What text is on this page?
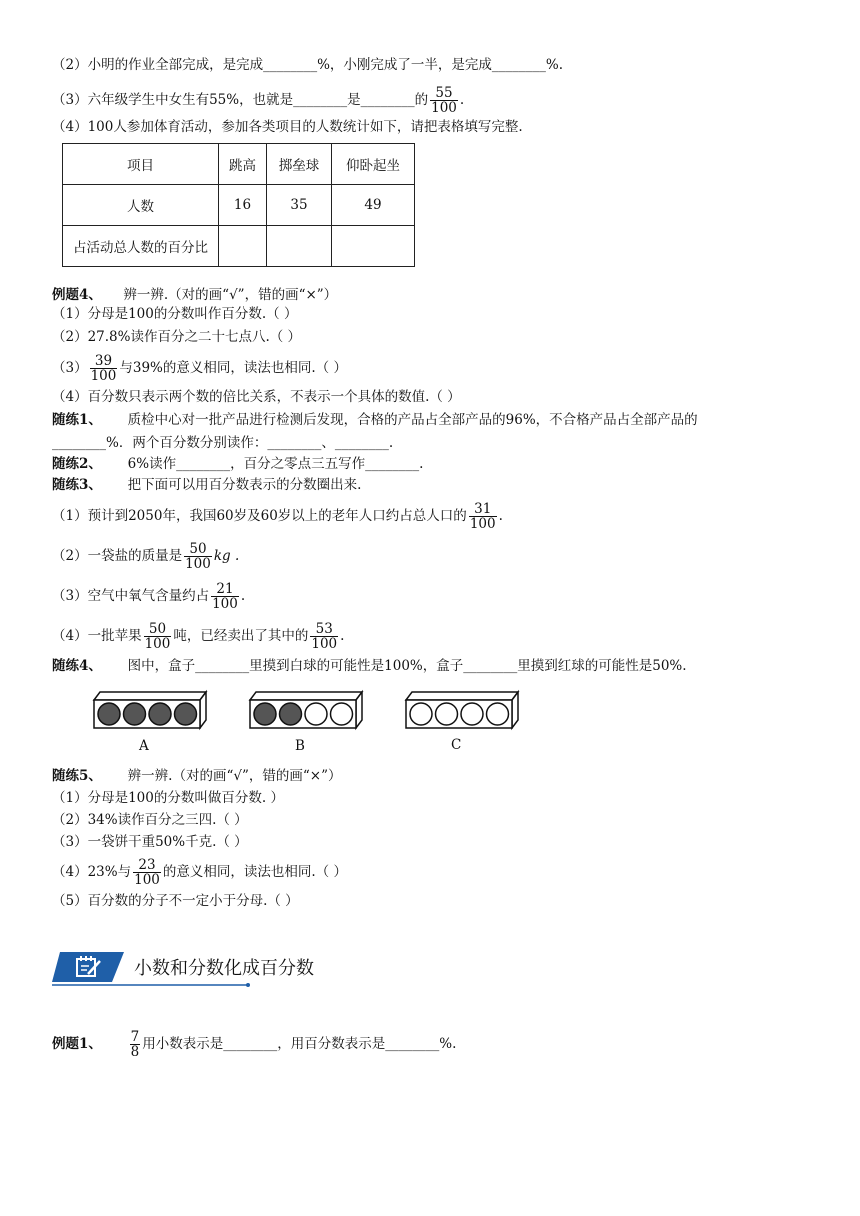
（2）小明的作业全部完成，是完成________%，小刚完成了一半，是完成________%.
（3）六年级学生中女生有55%，也就是________是________的 $\frac{55}{100}$ .
（4）100人参加体育活动，参加各类项目的人数统计如下，请把表格填写完整.
项目	跳高	掷垒球	仰卧起坐
人数	16	35	49
占活动总人数的百分比			
例题4、 辨一辨.（对的画“√”，错的画“×”）
（1）分母是100的分数叫作百分数.（ ）
（2）27.8%读作百分之二十七点八.（ ）
$(3) \frac{39}{100}$ 与39%的意义相同，读法也相同.（ ）
（4）百分数只表示两个数的倍比关系，不表示一个具体的数值.（ ）
随练1、 质检中心对一批产品进行检测后发现，合格的产品占全部产品的96%，不合格产品占全部产品的
________%．两个百分数分别读作：________、________.
随练2、 6%读作________，百分之零点三五写作________.
随练3、 把下面可以用百分数表示的分数圈出来.
（1）预计到2050年，我国60岁及60岁以上的老年人口约占总人口的 $\frac{31}{100}$ .
（2）一袋盐的质量是 $\frac{50}{100}$ kg .
（3）空气中氧气含量约占 $\frac{21}{100}$ .
（4）一批苹果 $\frac{50}{100}$ 吨，已经卖出了其中的 $\frac{53}{100}$ .
随练4、 图中，盒子________里摸到白球的可能性是100%，盒子________里摸到红球的可能性是50%.
A	B	C
随练5、 辨一辨.（对的画“√”，错的画“×”）
（1）分母是100的分数叫做百分数. ）
（2）34%读作百分之三四.（ ）
（3）一袋饼干重50%千克.（ ）
（4）23%与 $\frac{23}{100}$ 的意义相同，读法也相同.（ ）
（5）百分数的分子不一定小于分母.（ ）
小数和分数化成百分数
例题1、 $\frac{7}{8}$ 用小数表示是________，用百分数表示是________%.
